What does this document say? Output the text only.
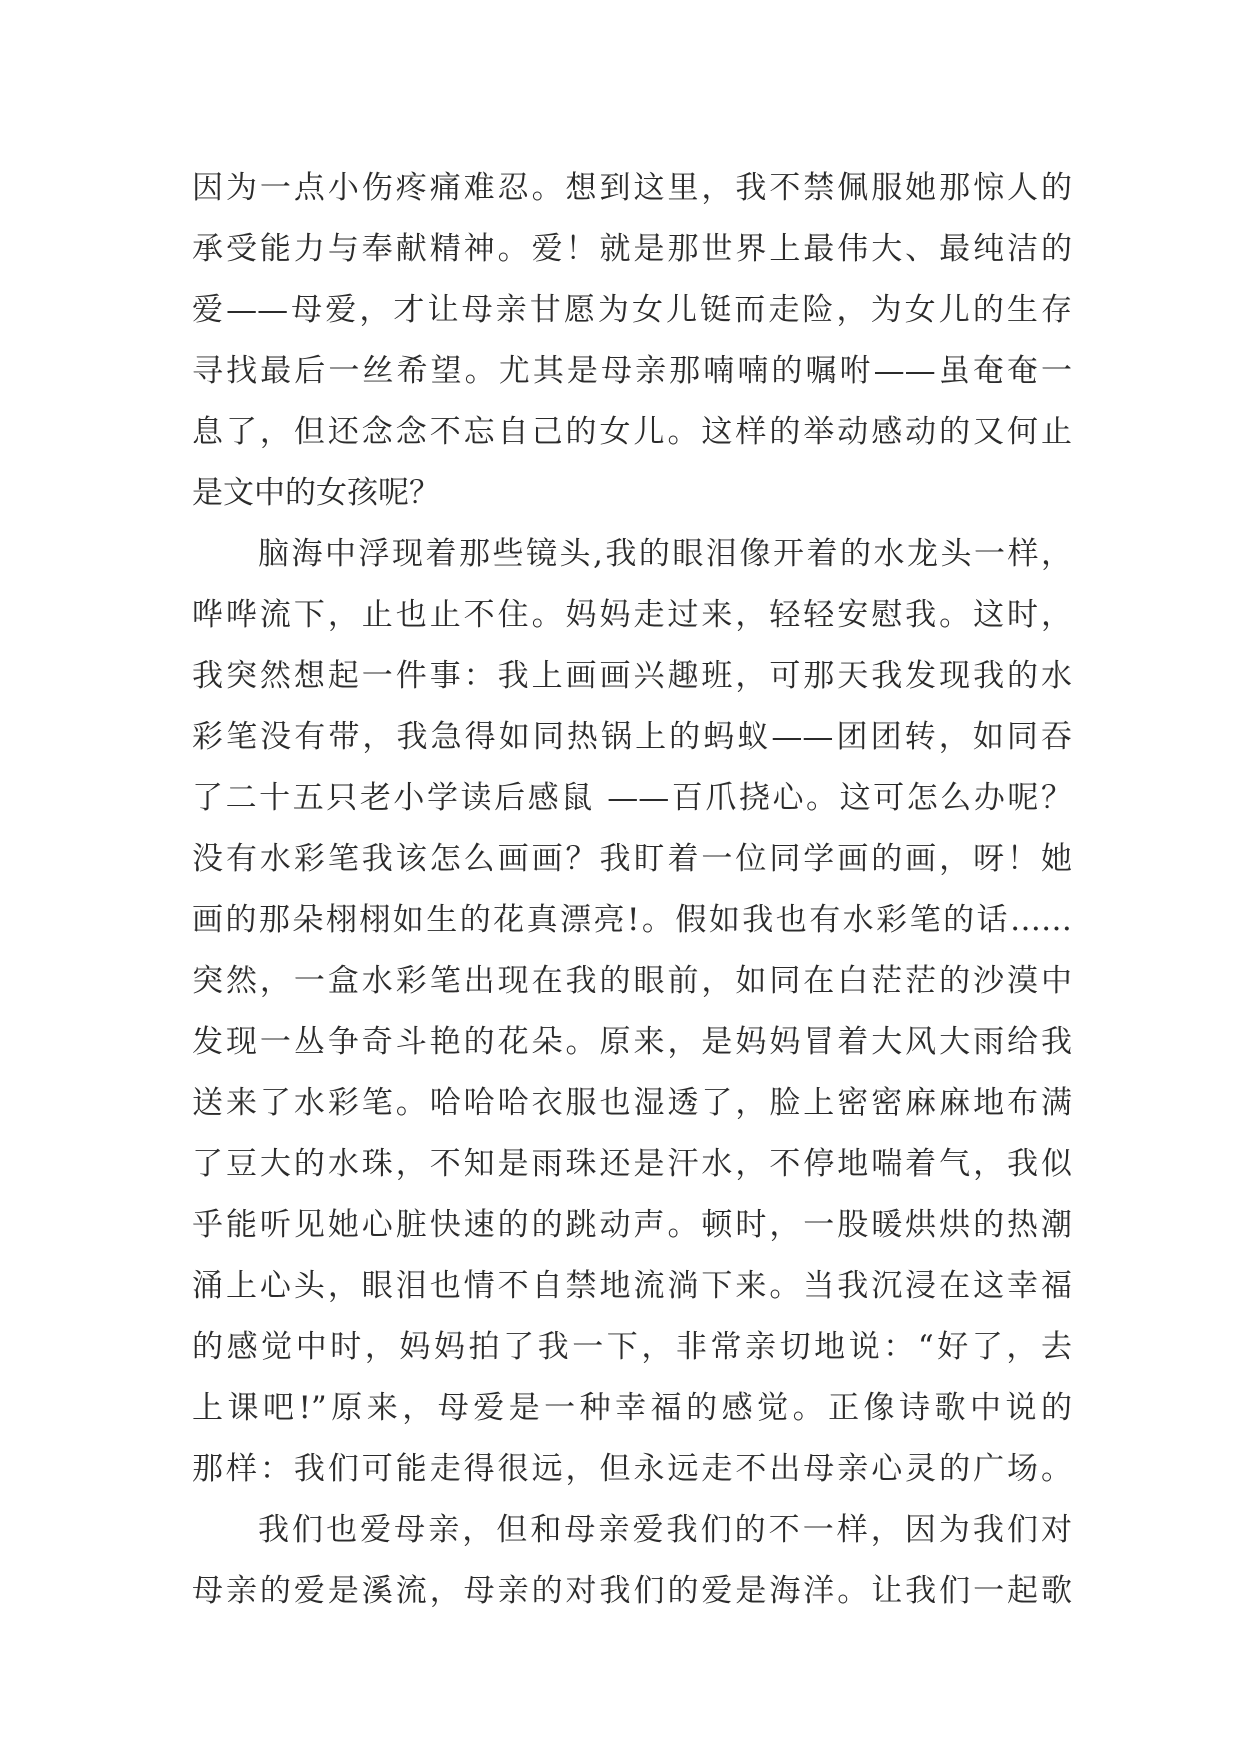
因为一点小伤疼痛难忍。想到这里，我不禁佩服她那惊人的
承受能力与奉献精神。爱！就是那世界上最伟大、最纯洁的
爱——母爱，才让母亲甘愿为女儿铤而走险，为女儿的生存
寻找最后一丝希望。尤其是母亲那喃喃的嘱咐——虽奄奄一
息了，但还念念不忘自己的女儿。这样的举动感动的又何止
是文中的女孩呢？
脑海中浮现着那些镜头,我的眼泪像开着的水龙头一样，
哗哗流下，止也止不住。妈妈走过来，轻轻安慰我。这时，
我突然想起一件事：我上画画兴趣班，可那天我发现我的水
彩笔没有带，我急得如同热锅上的蚂蚁——团团转，如同吞
了二十五只老小学读后感鼠 ——百爪挠心。这可怎么办呢？
没有水彩笔我该怎么画画？我盯着一位同学画的画，呀！她
画的那朵栩栩如生的花真漂亮!。假如我也有水彩笔的话……
突然，一盒水彩笔出现在我的眼前，如同在白茫茫的沙漠中
发现一丛争奇斗艳的花朵。原来，是妈妈冒着大风大雨给我
送来了水彩笔。哈哈哈衣服也湿透了，脸上密密麻麻地布满
了豆大的水珠，不知是雨珠还是汗水，不停地喘着气，我似
乎能听见她心脏快速的的跳动声。顿时，一股暖烘烘的热潮
涌上心头，眼泪也情不自禁地流淌下来。当我沉浸在这幸福
的感觉中时，妈妈拍了我一下，非常亲切地说：“好了，去
上课吧!”原来，母爱是一种幸福的感觉。正像诗歌中说的
那样：我们可能走得很远，但永远走不出母亲心灵的广场。
我们也爱母亲，但和母亲爱我们的不一样，因为我们对
母亲的爱是溪流，母亲的对我们的爱是海洋。让我们一起歌
